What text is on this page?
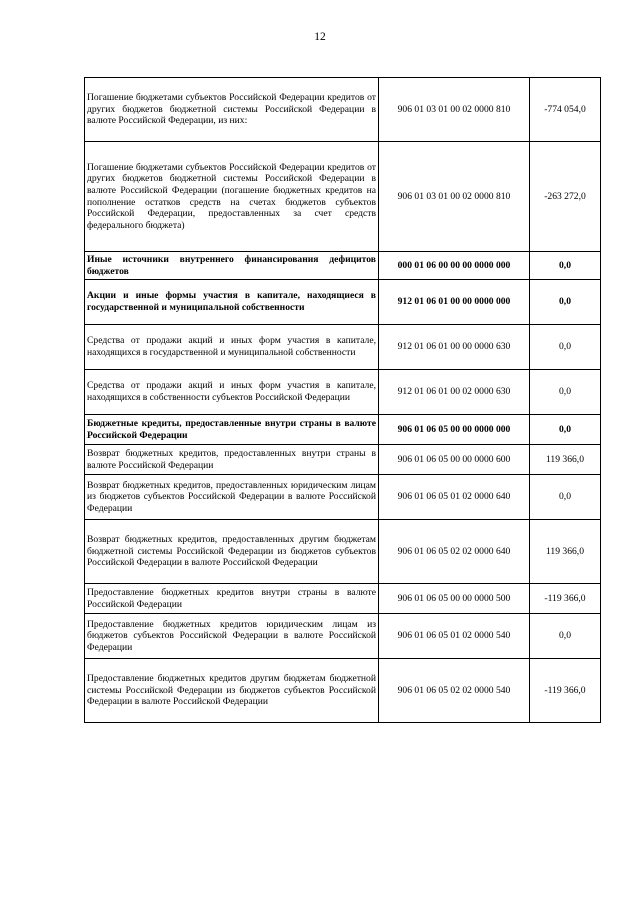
12
Погашение бюджетами субъектов Российской Федерации кредитов от других бюджетов бюджетной системы Российской Федерации в валюте Российской Федерации, из них:	906 01 03 01 00 02 0000 810	-774 054,0
Погашение бюджетами субъектов Российской Федерации кредитов от других бюджетов бюджетной системы Российской Федерации в валюте Российской Федерации (погашение бюджетных кредитов на пополнение остатков средств на счетах бюджетов субъектов Российской Федерации, предоставленных за счет средств федерального бюджета)	906 01 03 01 00 02 0000 810	-263 272,0
Иные источники внутреннего финансирования дефицитов бюджетов	000 01 06 00 00 00 0000 000	0,0
Акции и иные формы участия в капитале, находящиеся в государственной и муниципальной собственности	912 01 06 01 00 00 0000 000	0,0
Средства от продажи акций и иных форм участия в капитале, находящихся в государственной и муниципальной собственности	912 01 06 01 00 00 0000 630	0,0
Средства от продажи акций и иных форм участия в капитале, находящихся в собственности субъектов Российской Федерации	912 01 06 01 00 02 0000 630	0,0
Бюджетные кредиты, предоставленные внутри страны в валюте Российской Федерации	906 01 06 05 00 00 0000 000	0,0
Возврат бюджетных кредитов, предоставленных внутри страны в валюте Российской Федерации	906 01 06 05 00 00 0000 600	119 366,0
Возврат бюджетных кредитов, предоставленных юридическим лицам из бюджетов субъектов Российской Федерации в валюте Российской Федерации	906 01 06 05 01 02 0000 640	0,0
Возврат бюджетных кредитов, предоставленных другим бюджетам бюджетной системы Российской Федерации из бюджетов субъектов Российской Федерации в валюте Российской Федерации	906 01 06 05 02 02 0000 640	119 366,0
Предоставление бюджетных кредитов внутри страны в валюте Российской Федерации	906 01 06 05 00 00 0000 500	-119 366,0
Предоставление бюджетных кредитов юридическим лицам из бюджетов субъектов Российской Федерации в валюте Российской Федерации	906 01 06 05 01 02 0000 540	0,0
Предоставление бюджетных кредитов другим бюджетам бюджетной системы Российской Федерации из бюджетов субъектов Российской Федерации в валюте Российской Федерации	906 01 06 05 02 02 0000 540	-119 366,0
